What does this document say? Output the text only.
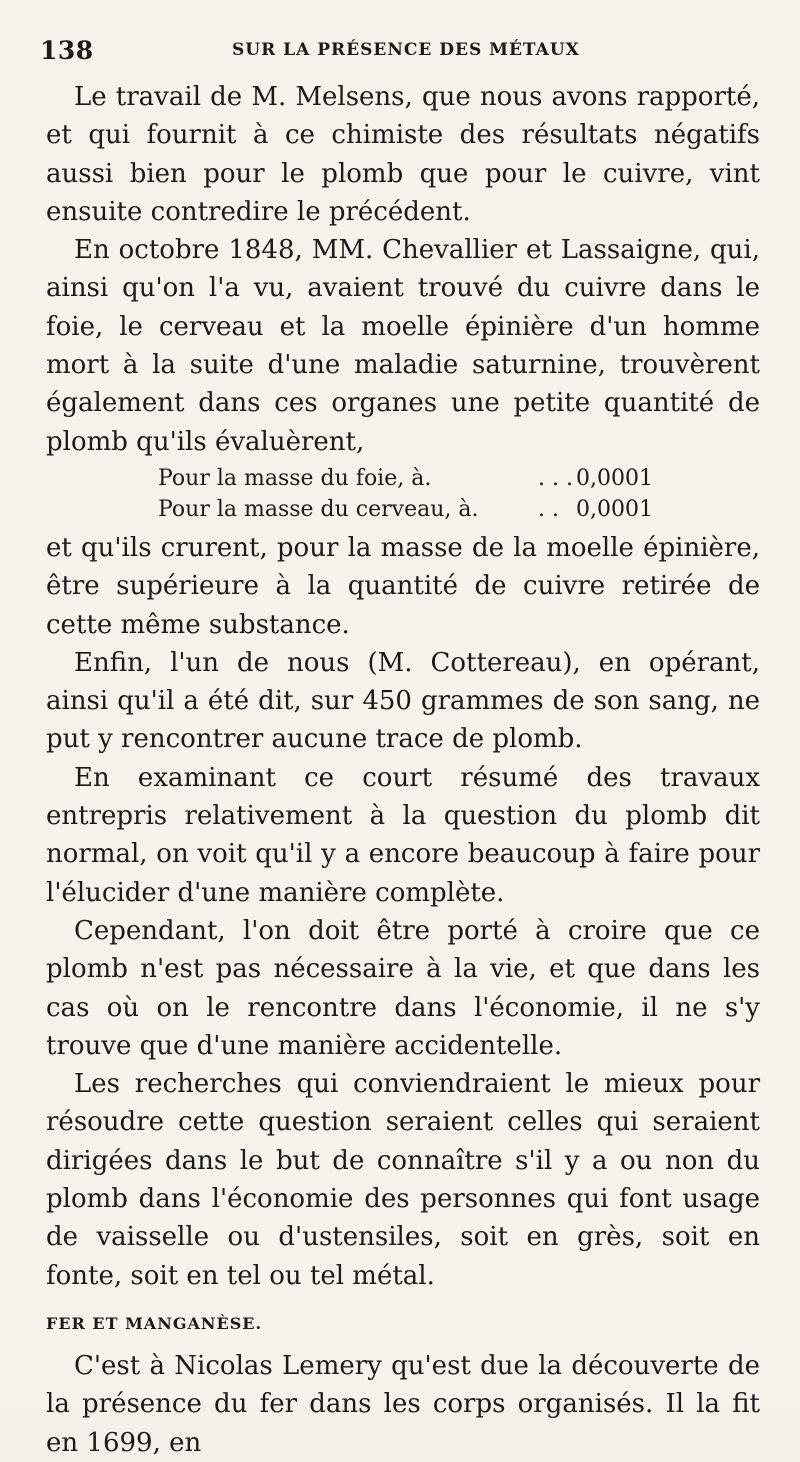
138	SUR LA PRÉSENCE DES MÉTAUX

Le travail de M. Melsens, que nous avons rapporté, et qui fournit à ce chimiste des résultats négatifs aussi bien pour le plomb que pour le cuivre, vint ensuite contredire le précédent.

En octobre 1848, MM. Chevallier et Lassaigne, qui, ainsi qu'on l'a vu, avaient trouvé du cuivre dans le foie, le cerveau et la moelle épinière d'un homme mort à la suite d'une maladie saturnine, trouvèrent également dans ces organes une petite quantité de plomb qu'ils évaluèrent,

Pour la masse du foie, à.	. . . 0,0001
Pour la masse du cerveau, à.	. . 0,0001

et qu'ils crurent, pour la masse de la moelle épinière, être supérieure à la quantité de cuivre retirée de cette même substance.

Enfin, l'un de nous (M. Cottereau), en opérant, ainsi qu'il a été dit, sur 450 grammes de son sang, ne put y rencontrer aucune trace de plomb.

En examinant ce court résumé des travaux entrepris relativement à la question du plomb dit normal, on voit qu'il y a encore beaucoup à faire pour l'élucider d'une manière complète.

Cependant, l'on doit être porté à croire que ce plomb n'est pas nécessaire à la vie, et que dans les cas où on le rencontre dans l'économie, il ne s'y trouve que d'une manière accidentelle.

Les recherches qui conviendraient le mieux pour résoudre cette question seraient celles qui seraient dirigées dans le but de connaître s'il y a ou non du plomb dans l'économie des personnes qui font usage de vaisselle ou d'ustensiles, soit en grès, soit en fonte, soit en tel ou tel métal.

FER ET MANGANÈSE.

C'est à Nicolas Lemery qu'est due la découverte de la présence du fer dans les corps organisés. Il la fit en 1699, en
